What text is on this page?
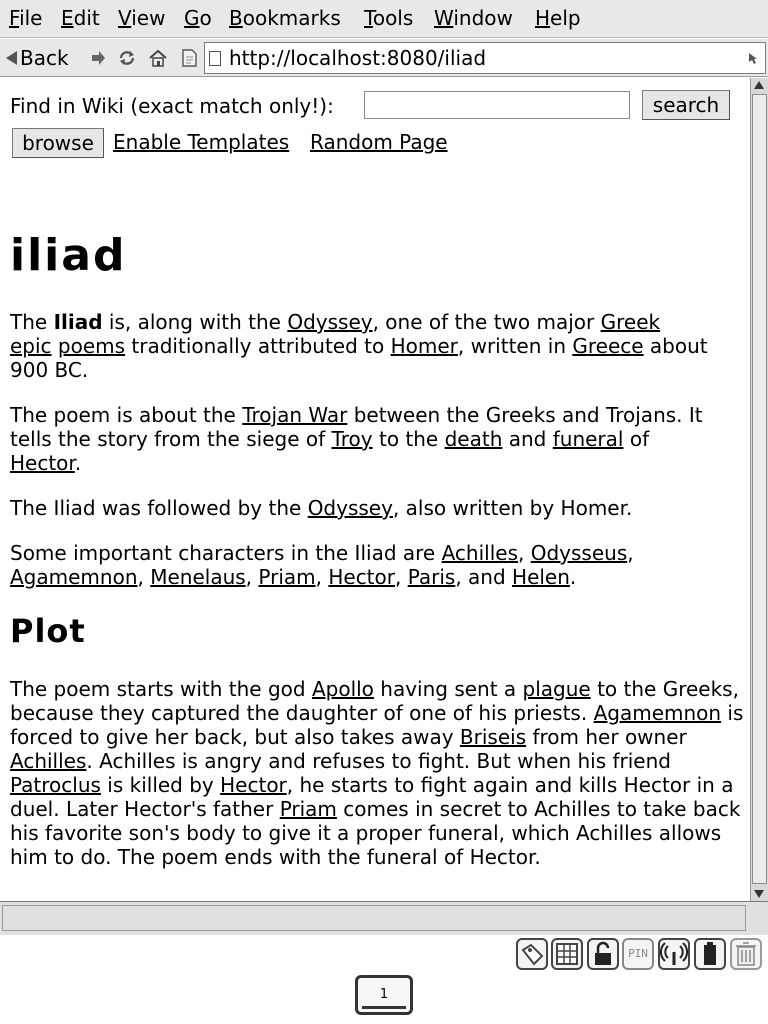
File Edit View Go Bookmarks Tools Window Help
Back	http://localhost:8080/iliad
Find in Wiki (exact match only!):	search
browse Enable Templates Random Page
iliad

The Iliad is, along with the Odyssey, one of the two major Greek
epic poems traditionally attributed to Homer, written in Greece about 900 BC.

The poem is about the Trojan War between the Greeks and Trojans. It tells the story from the siege of Troy to the death and funeral of
Hector.

The Iliad was followed by the Odyssey, also written by Homer.

Some important characters in the Iliad are Achilles, Odysseus,
Agamemnon, Menelaus, Priam, Hector, Paris, and Helen.

Plot

The poem starts with the god Apollo having sent a plague to the Greeks, because they captured the daughter of one of his priests. Agamemnon is forced to give her back, but also takes away Briseis from her owner Achilles. Achilles is angry and refuses to fight. But when his friend Patroclus is killed by Hector, he starts to fight again and kills Hector in a duel. Later Hector's father Priam comes in secret to Achilles to take back his favorite son's body to give it a proper funeral, which Achilles allows him to do. The poem ends with the funeral of Hector.

PIN
1
